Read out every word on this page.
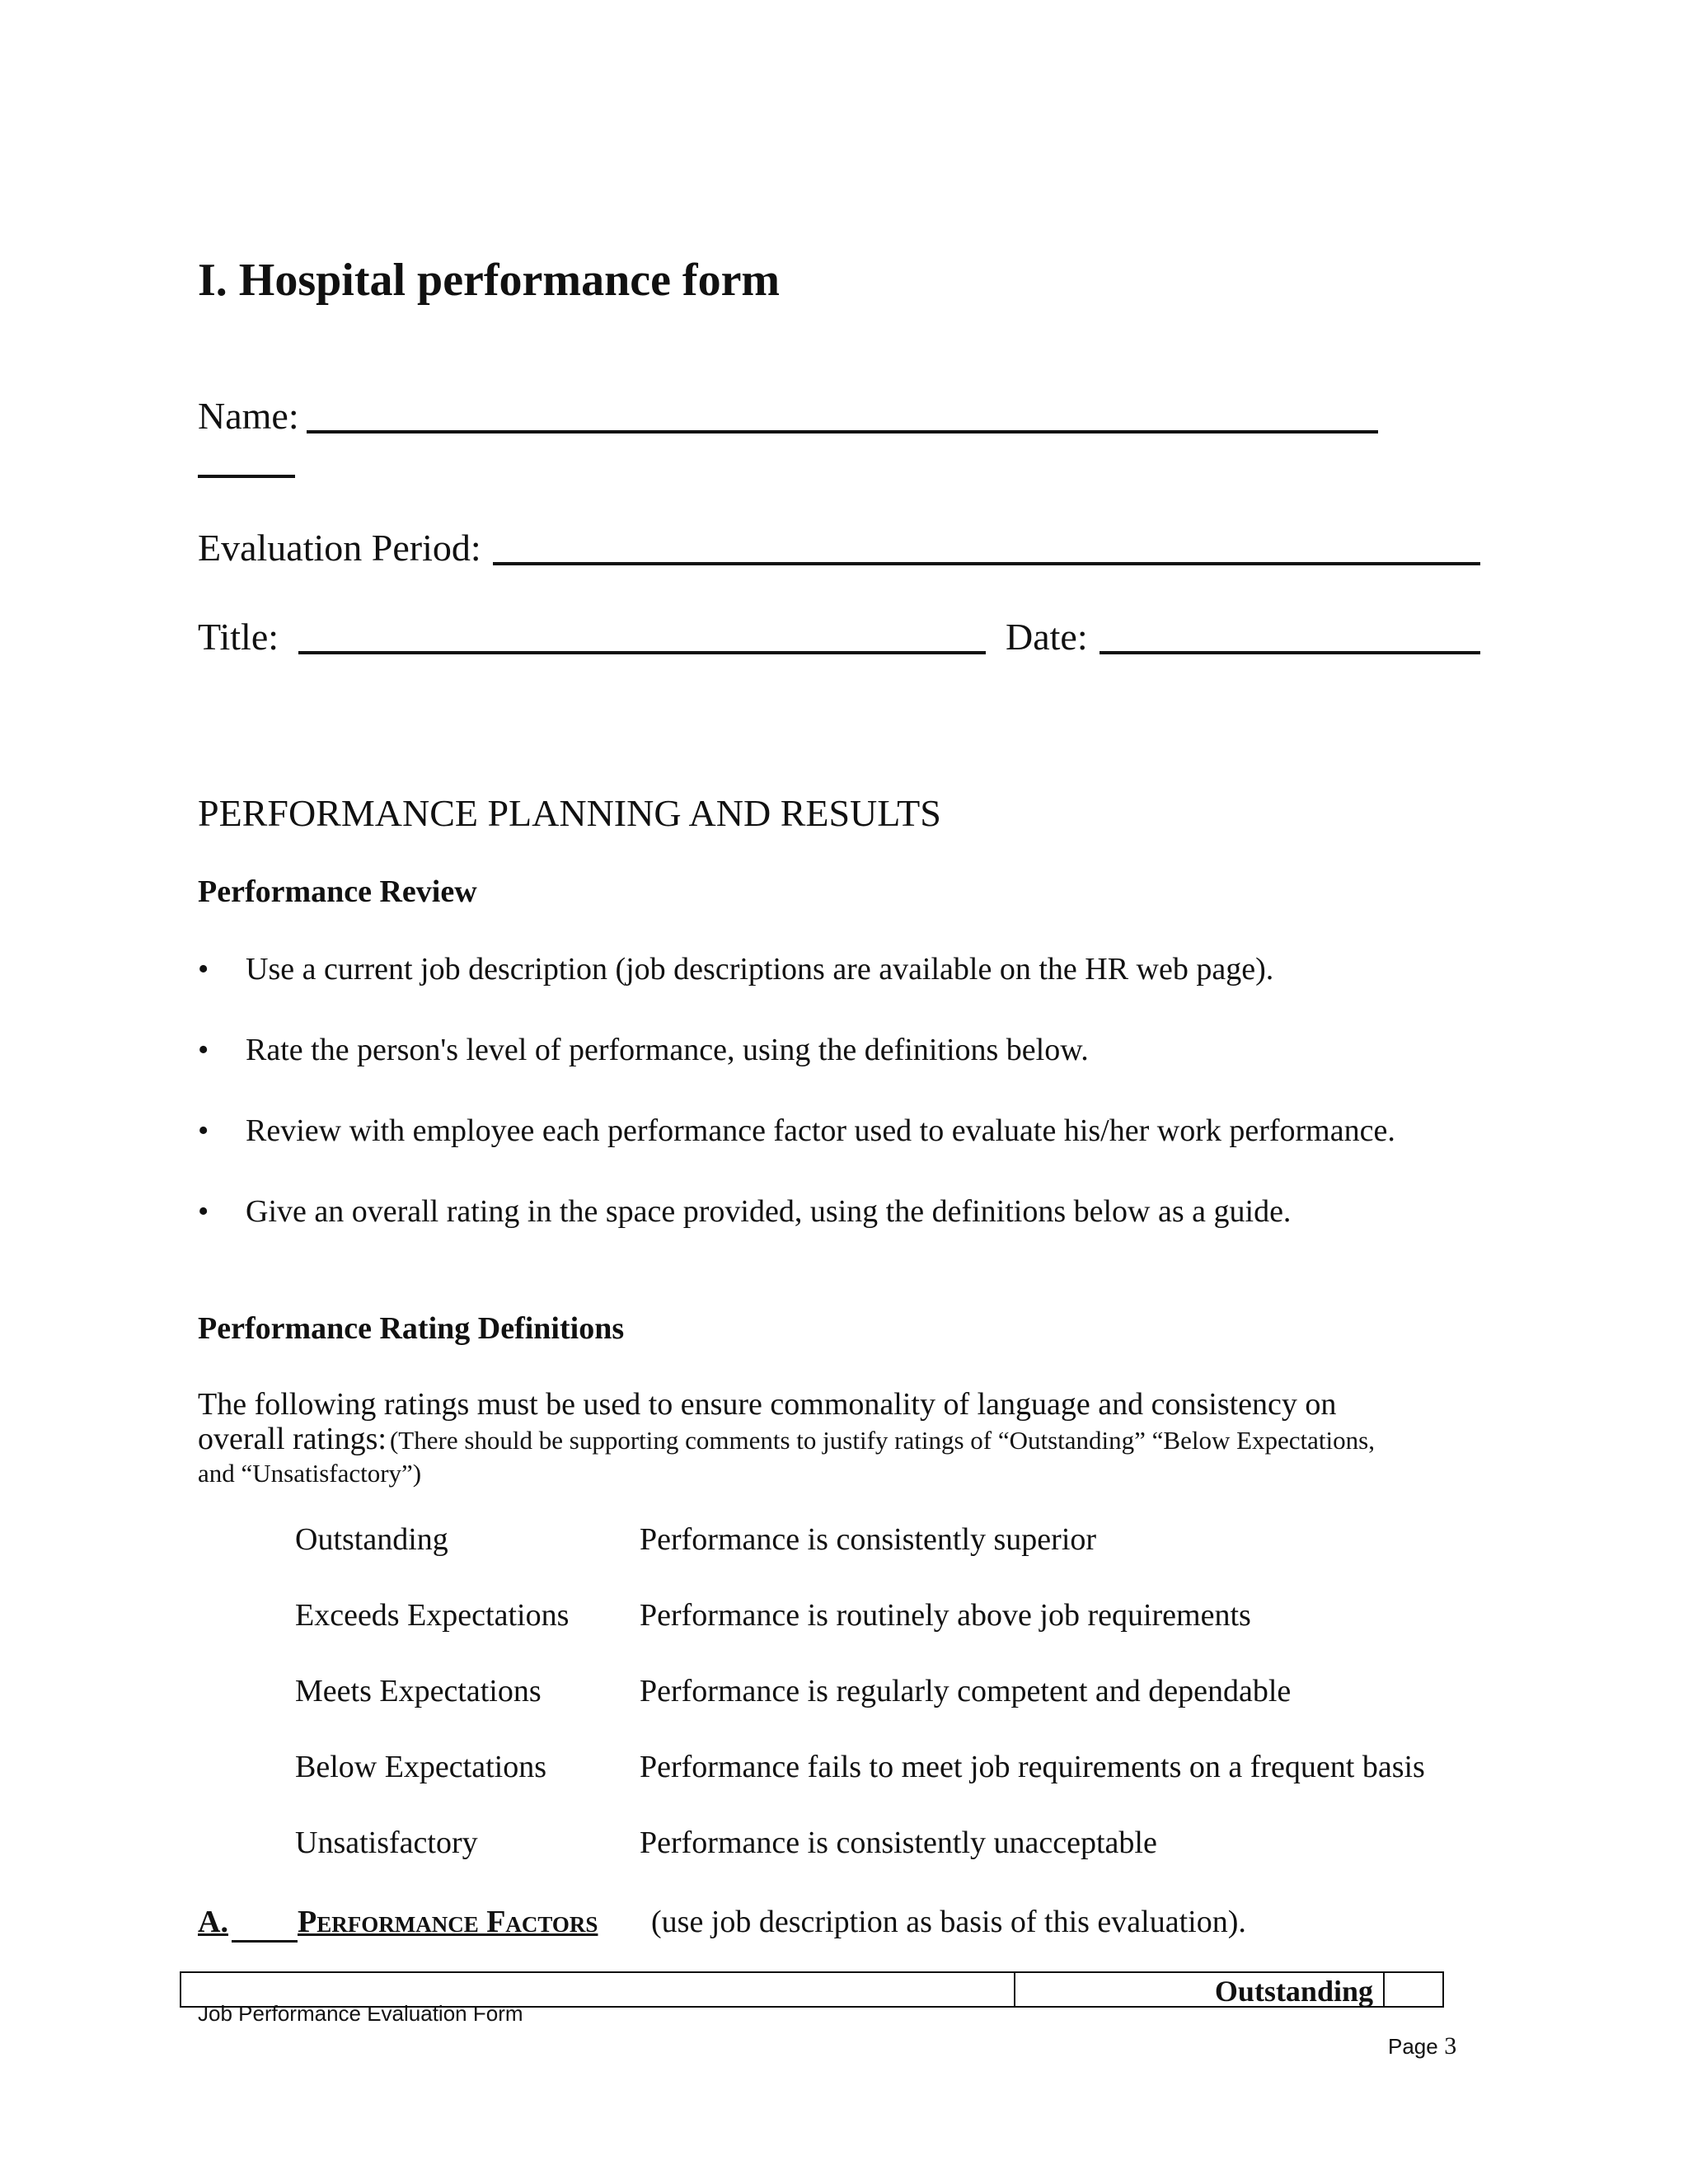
I. Hospital performance form
Name:
Evaluation Period:
Title:	Date:
PERFORMANCE PLANNING AND RESULTS
Performance Review
• Use a current job description (job descriptions are available on the HR web page).
• Rate the person's level of performance, using the definitions below.
• Review with employee each performance factor used to evaluate his/her work performance.
• Give an overall rating in the space provided, using the definitions below as a guide.
Performance Rating Definitions
The following ratings must be used to ensure commonality of language and consistency on
overall ratings: (There should be supporting comments to justify ratings of “Outstanding” “Below Expectations,
and “Unsatisfactory”)
Outstanding	Performance is consistently superior
Exceeds Expectations Performance is routinely above job requirements
Meets Expectations	Performance is regularly competent and dependable
Below Expectations	Performance fails to meet job requirements on a frequent basis
Unsatisfactory	Performance is consistently unacceptable
A. Performance Factors (use job description as basis of this evaluation).
Outstanding
Job Performance Evaluation Form
Page 3
